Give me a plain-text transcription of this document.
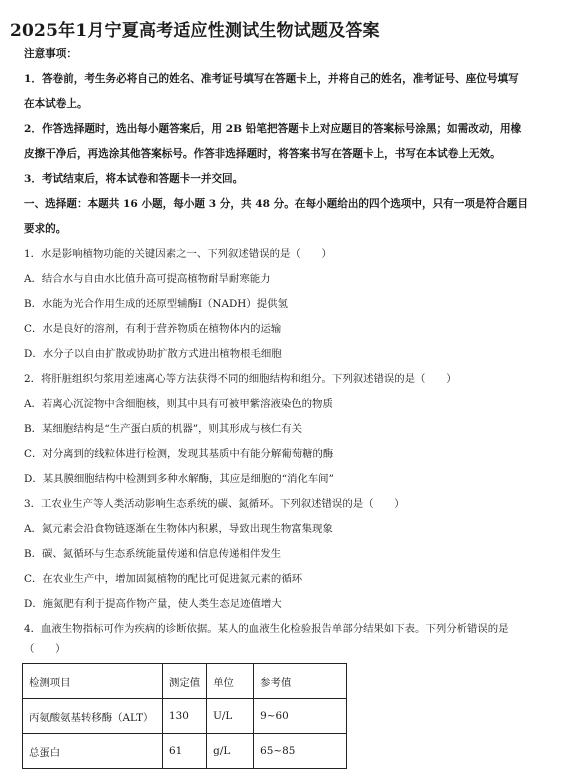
2025年1月宁夏高考适应性测试生物试题及答案
注意事项：
1．答卷前，考生务必将自己的姓名、准考证号填写在答题卡上，并将自己的姓名，准考证号、座位号填写
在本试卷上。
2．作答选择题时，选出每小题答案后，用 2B 铅笔把答题卡上对应题目的答案标号涂黑；如需改动，用橡
皮擦干净后，再选涂其他答案标号。作答非选择题时，将答案书写在答题卡上，书写在本试卷上无效。
3．考试结束后，将本试卷和答题卡一并交回。
一、选择题：本题共 16 小题，每小题 3 分，共 48 分。在每小题给出的四个选项中，只有一项是符合题目
要求的。
1．水是影响植物功能的关键因素之一、下列叙述错误的是（　　）
A．结合水与自由水比值升高可提高植物耐旱耐寒能力
B．水能为光合作用生成的还原型辅酶Ⅰ（NADH）提供氢
C．水是良好的溶剂，有利于营养物质在植物体内的运输
D．水分子以自由扩散或协助扩散方式进出植物根毛细胞
2．将肝脏组织匀浆用差速离心等方法获得不同的细胞结构和组分。下列叙述错误的是（　　）
A．若离心沉淀物中含细胞核，则其中具有可被甲紫溶液染色的物质
B．某细胞结构是“生产蛋白质的机器”，则其形成与核仁有关
C．对分离到的线粒体进行检测，发现其基质中有能分解葡萄糖的酶
D．某具膜细胞结构中检测到多种水解酶，其应是细胞的“消化车间”
3．工农业生产等人类活动影响生态系统的碳、氮循环。下列叙述错误的是（　　）
A．氮元素会沿食物链逐渐在生物体内积累，导致出现生物富集现象
B．碳、氮循环与生态系统能量传递和信息传递相伴发生
C．在农业生产中，增加固氮植物的配比可促进氮元素的循环
D．施氮肥有利于提高作物产量，使人类生态足迹值增大
4．血液生物指标可作为疾病的诊断依据。某人的血液生化检验报告单部分结果如下表。下列分析错误的是
（　　）
检测项目	测定值	单位	参考值
丙氨酸氨基转移酶（ALT）	130	U/L	9~60
总蛋白	61	g/L	65~85
